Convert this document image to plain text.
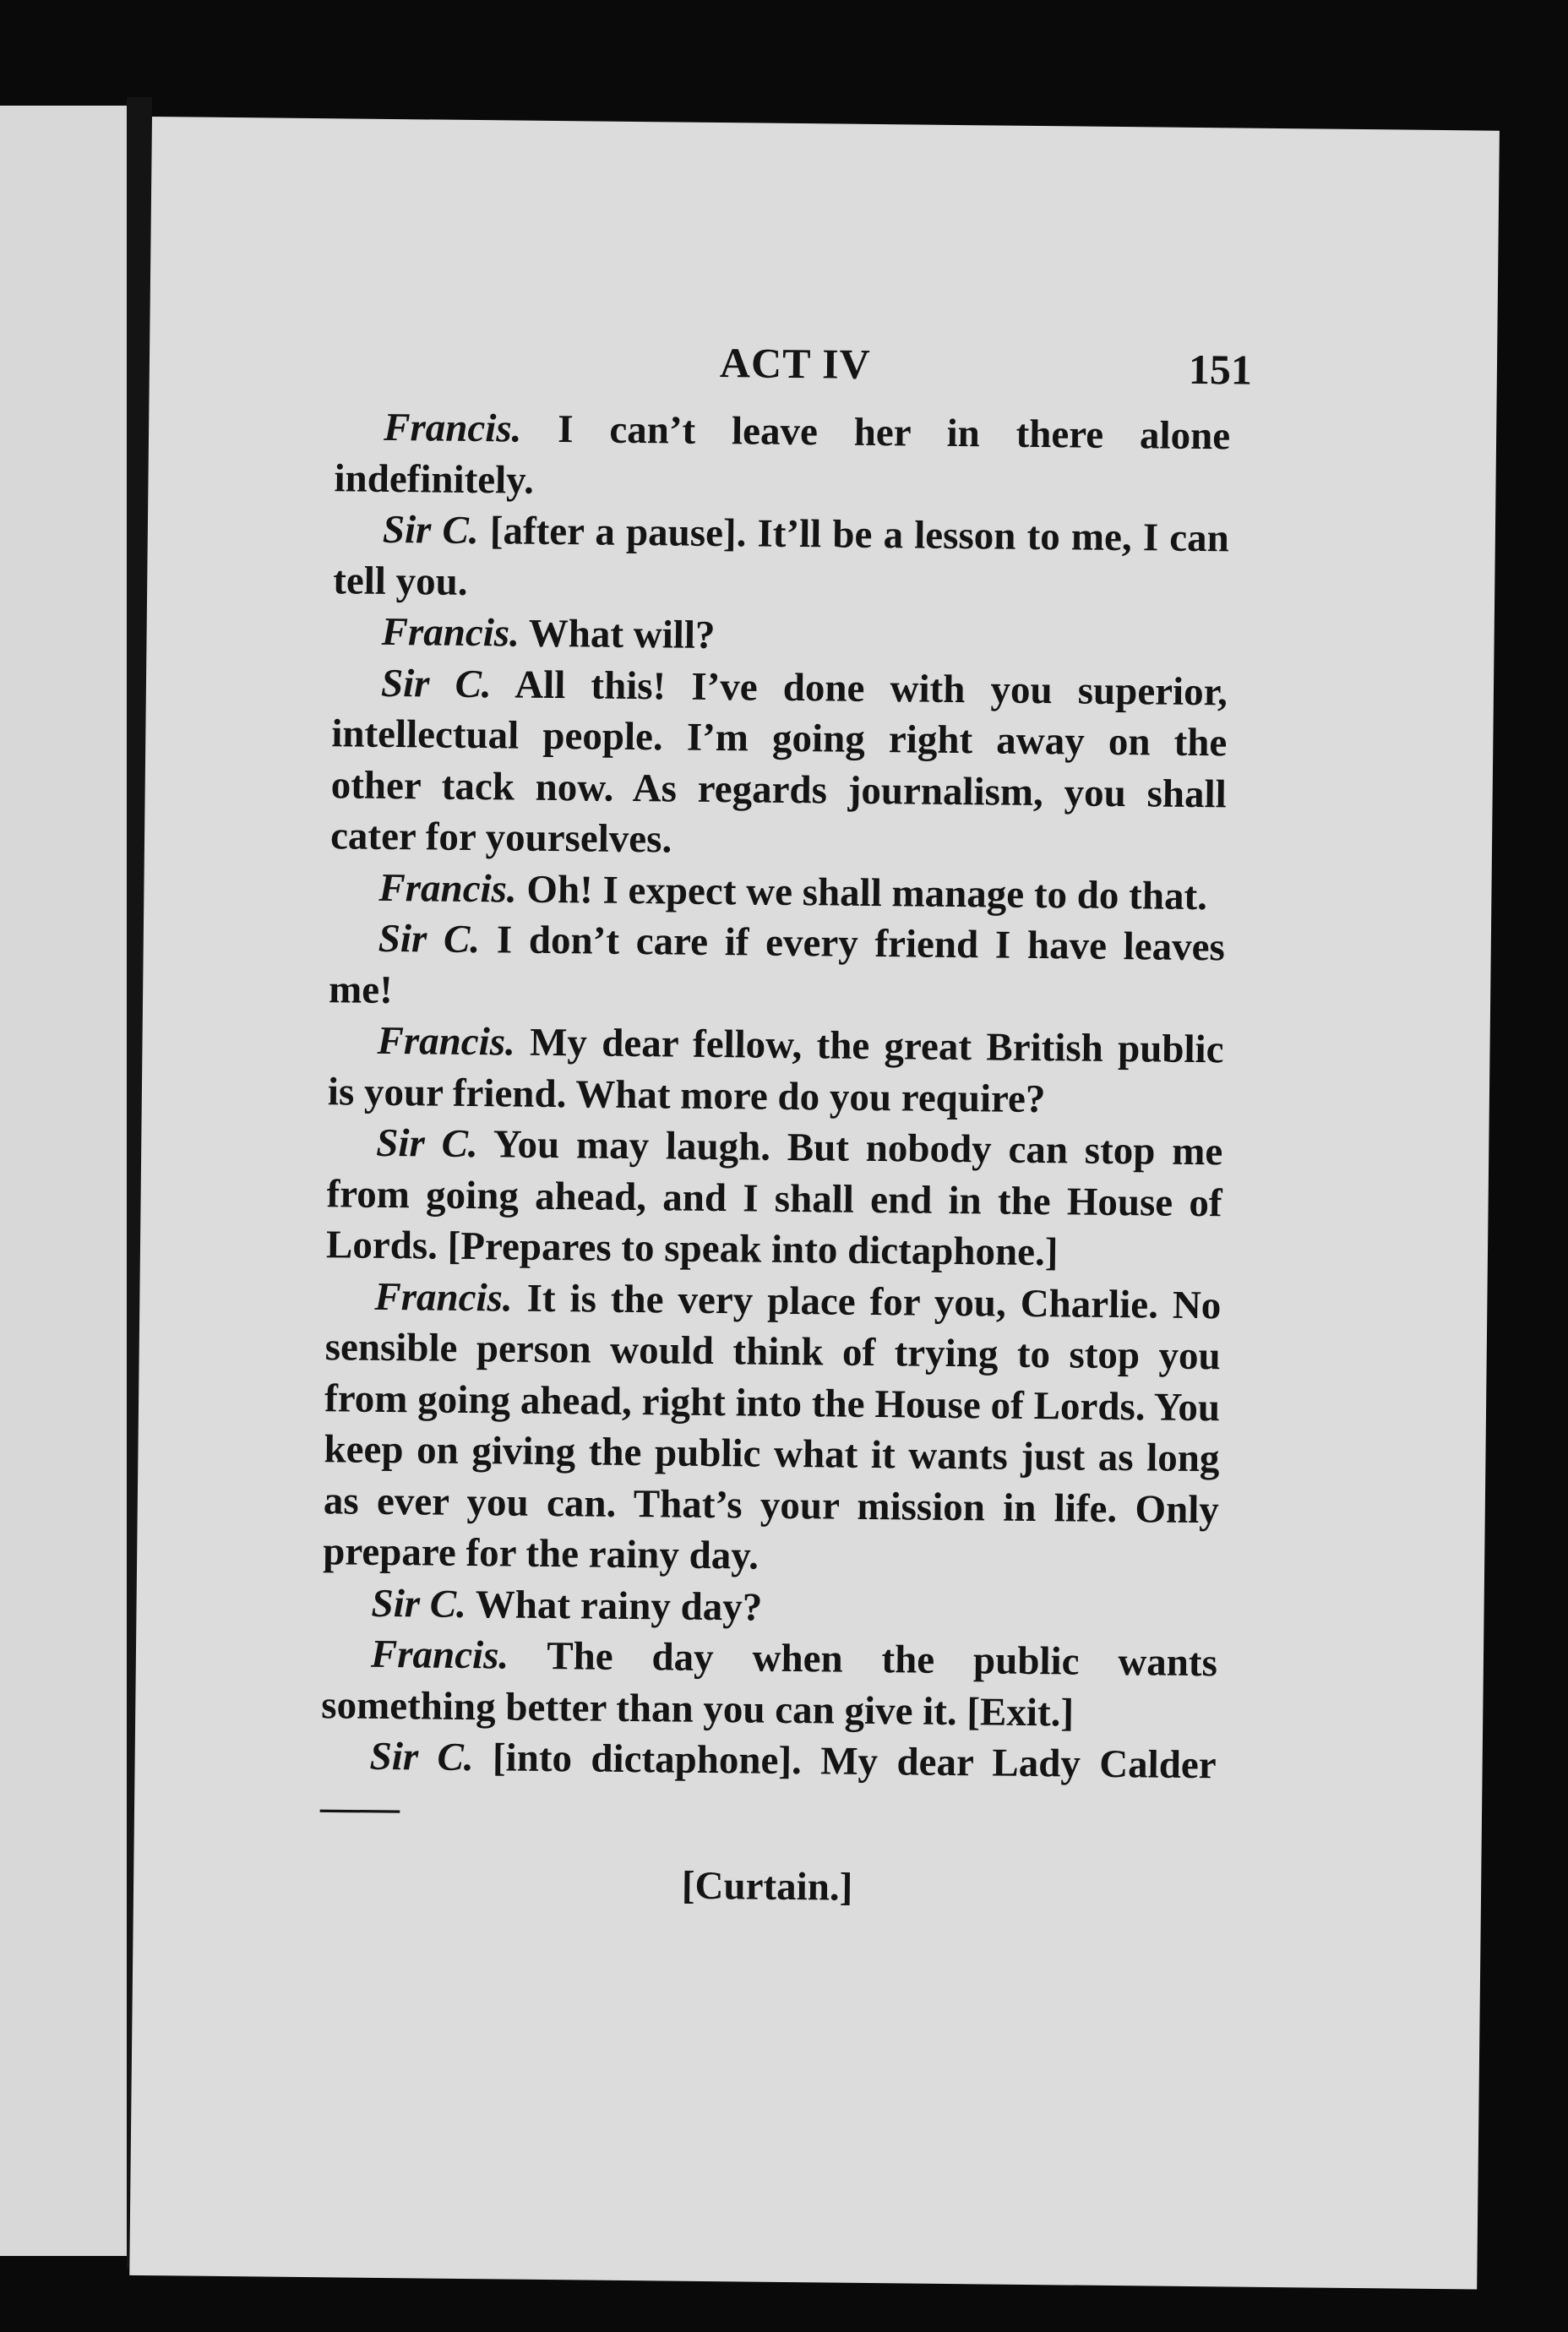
ACT IV	151

Francis. I can’t leave her in there alone indefinitely.

Sir C. [after a pause]. It’ll be a lesson to me, I can tell you.

Francis. What will?

Sir C. All this! I’ve done with you superior, intellectual people. I’m going right away on the other tack now. As regards journalism, you shall cater for yourselves.

Francis. Oh! I expect we shall manage to do that.

Sir C. I don’t care if every friend I have leaves me!

Francis. My dear fellow, the great British public is your friend. What more do you require?

Sir C. You may laugh. But nobody can stop me from going ahead, and I shall end in the House of Lords. [Prepares to speak into dictaphone.]

Francis. It is the very place for you, Charlie. No sensible person would think of trying to stop you from going ahead, right into the House of Lords. You keep on giving the public what it wants just as long as ever you can. That’s your mission in life. Only prepare for the rainy day.

Sir C. What rainy day?

Francis. The day when the public wants something better than you can give it. [Exit.]

Sir C. [into dictaphone]. My dear Lady Calder——

[Curtain.]
